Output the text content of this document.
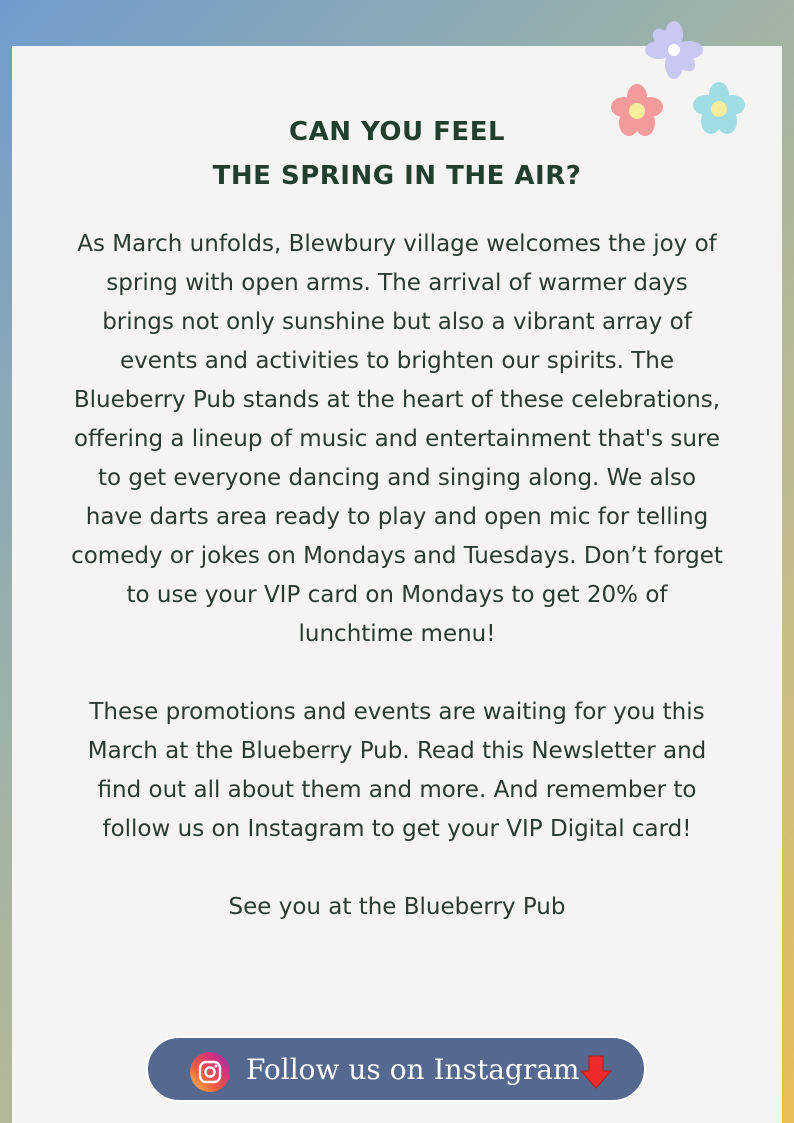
CAN YOU FEEL
THE SPRING IN THE AIR?

As March unfolds, Blewbury village welcomes the joy of spring with open arms. The arrival of warmer days brings not only sunshine but also a vibrant array of events and activities to brighten our spirits. The Blueberry Pub stands at the heart of these celebrations, offering a lineup of music and entertainment that's sure to get everyone dancing and singing along. We also have darts area ready to play and open mic for telling comedy or jokes on Mondays and Tuesdays. Don’t forget to use your VIP card on Mondays to get 20% of lunchtime menu!

These promotions and events are waiting for you this March at the Blueberry Pub. Read this Newsletter and find out all about them and more. And remember to follow us on Instagram to get your VIP Digital card!

See you at the Blueberry Pub

Follow us on Instagram
